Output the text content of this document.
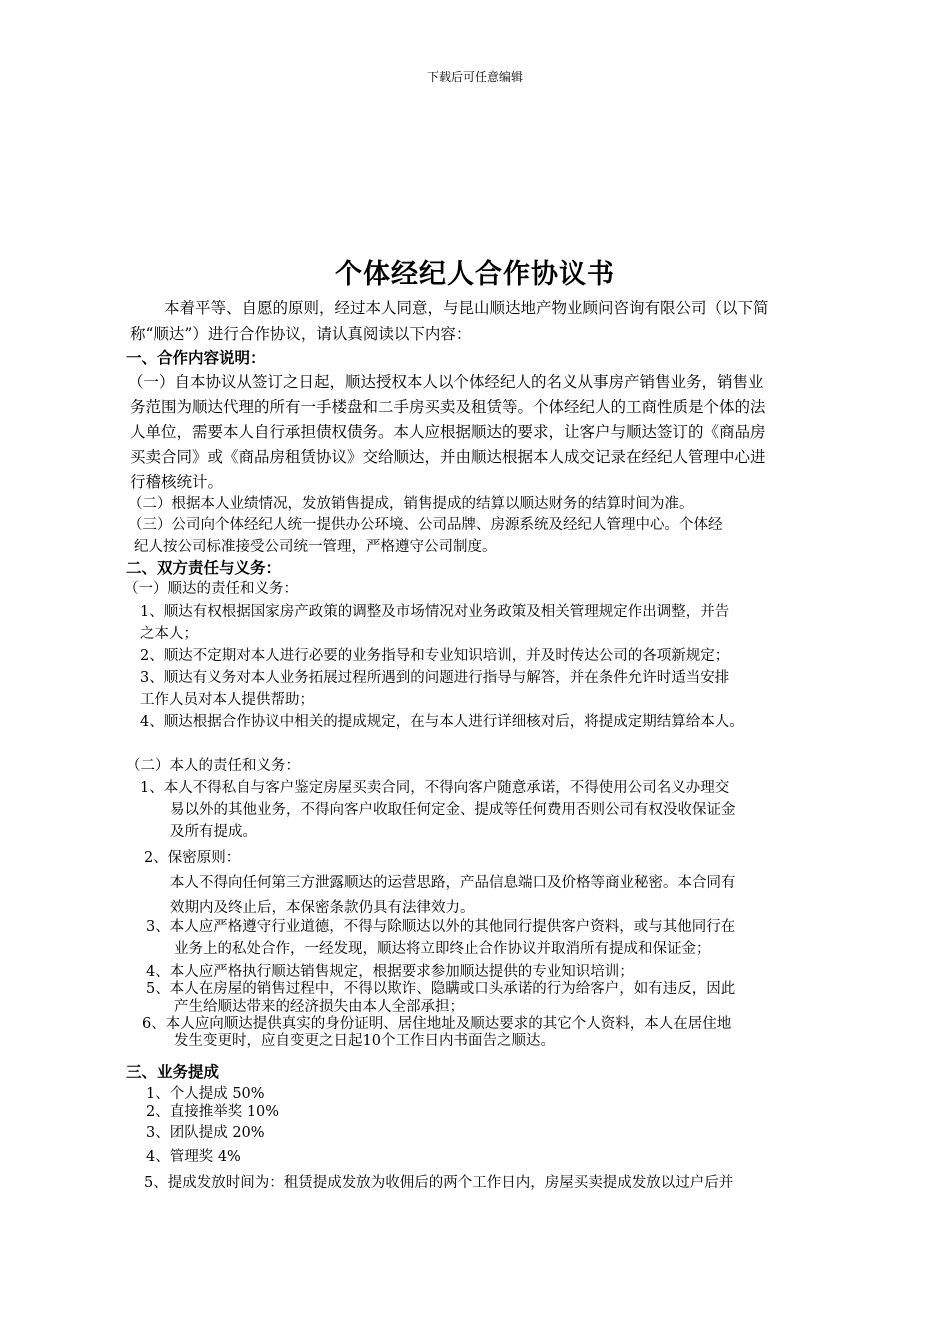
下载后可任意编辑
个体经纪人合作协议书
本着平等、自愿的原则，经过本人同意，与昆山顺达地产物业顾问咨询有限公司（以下简
称“顺达”）进行合作协议，请认真阅读以下内容：
一、合作内容说明：
（一）自本协议从签订之日起，顺达授权本人以个体经纪人的名义从事房产销售业务，销售业
务范围为顺达代理的所有一手楼盘和二手房买卖及租赁等。个体经纪人的工商性质是个体的法
人单位，需要本人自行承担债权债务。本人应根据顺达的要求，让客户与顺达签订的《商品房
买卖合同》或《商品房租赁协议》交给顺达，并由顺达根据本人成交记录在经纪人管理中心进
行稽核统计。
（二）根据本人业绩情况，发放销售提成，销售提成的结算以顺达财务的结算时间为准。
（三）公司向个体经纪人统一提供办公环境、公司品牌、房源系统及经纪人管理中心。个体经
纪人按公司标准接受公司统一管理，严格遵守公司制度。
二、双方责任与义务：
（一）顺达的责任和义务：
1、顺达有权根据国家房产政策的调整及市场情况对业务政策及相关管理规定作出调整，并告
之本人；
2、顺达不定期对本人进行必要的业务指导和专业知识培训，并及时传达公司的各项新规定；
3、顺达有义务对本人业务拓展过程所遇到的问题进行指导与解答，并在条件允许时适当安排
工作人员对本人提供帮助；
4、顺达根据合作协议中相关的提成规定，在与本人进行详细核对后，将提成定期结算给本人。
（二）本人的责任和义务：
1、本人不得私自与客户鉴定房屋买卖合同，不得向客户随意承诺，不得使用公司名义办理交
易以外的其他业务，不得向客户收取任何定金、提成等任何费用否则公司有权没收保证金
及所有提成。
2、保密原则：
本人不得向任何第三方泄露顺达的运营思路，产品信息端口及价格等商业秘密。本合同有
效期内及终止后，本保密条款仍具有法律效力。
3、本人应严格遵守行业道德，不得与除顺达以外的其他同行提供客户资料，或与其他同行在
业务上的私处合作，一经发现，顺达将立即终止合作协议并取消所有提成和保证金；
4、本人应严格执行顺达销售规定，根据要求参加顺达提供的专业知识培训；
5、本人在房屋的销售过程中，不得以欺诈、隐瞒或口头承诺的行为给客户，如有违反，因此
产生给顺达带来的经济损失由本人全部承担；
6、本人应向顺达提供真实的身份证明、居住地址及顺达要求的其它个人资料，本人在居住地
发生变更时，应自变更之日起10个工作日内书面告之顺达。
三、业务提成
1、个人提成 50%
2、直接推举奖 10%
3、团队提成 20%
4、管理奖 4%
5、提成发放时间为：租赁提成发放为收佣后的两个工作日内，房屋买卖提成发放以过户后并
